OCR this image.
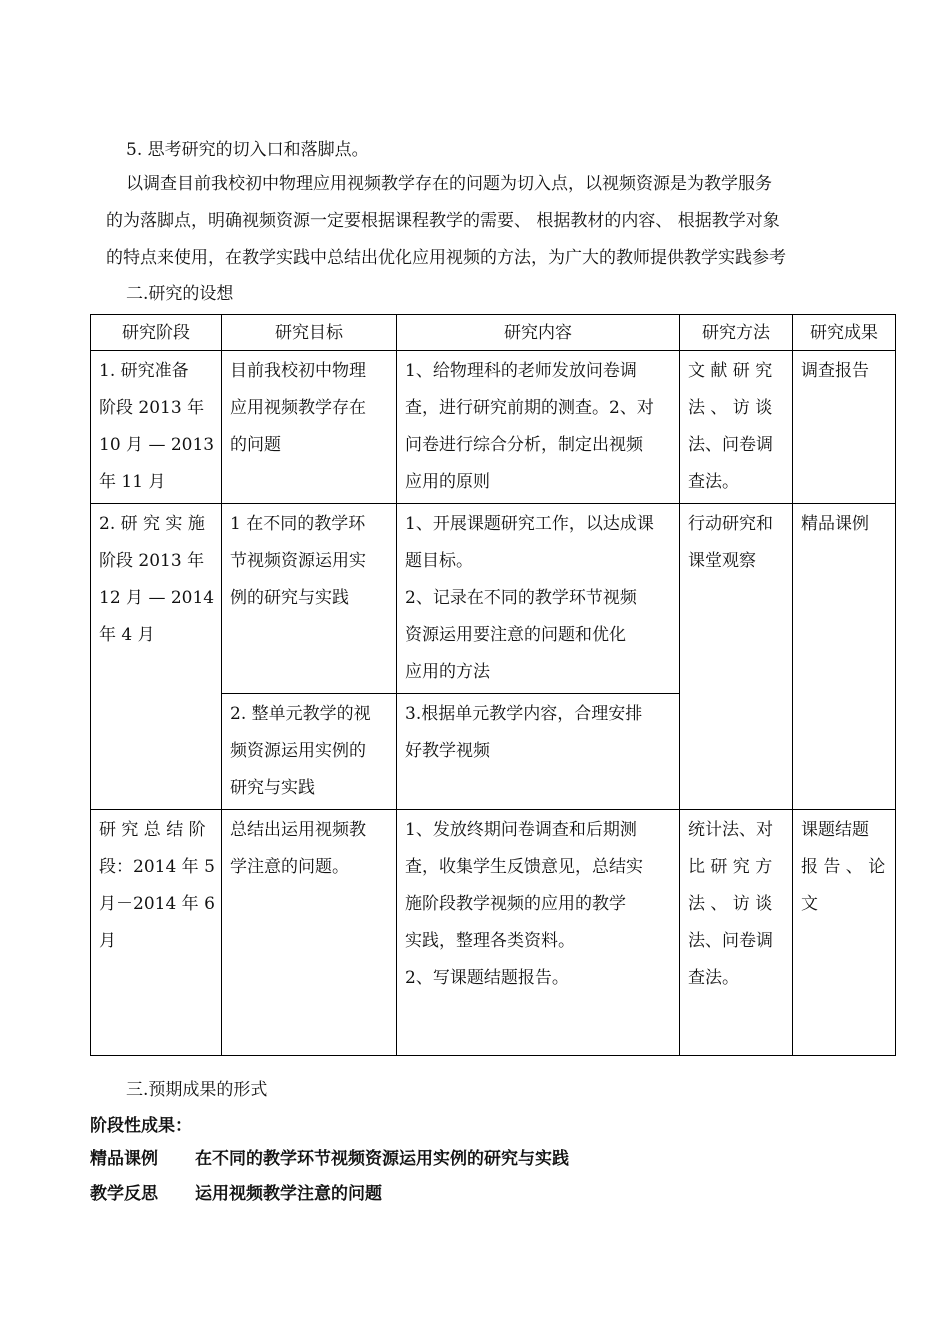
5. 思考研究的切入口和落脚点。
以调查目前我校初中物理应用视频教学存在的问题为切入点，以视频资源是为教学服务
的为落脚点，明确视频资源一定要根据课程教学的需要、 根据教材的内容、 根据教学对象
的特点来使用，在教学实践中总结出优化应用视频的方法，为广大的教师提供教学实践参考
二.研究的设想
研究阶段	研究目标	研究内容	研究方法	研究成果

1. 研究准备
阶段 2013 年
10 月 — 2013
年 11 月	目前我校初中物理
应用视频教学存在
的问题	1、给物理科的老师发放问卷调
查，进行研究前期的测查。2、对
问卷进行综合分析，制定出视频
应用的原则	文 献 研 究
法 、 访 谈
法、问卷调
查法。	调查报告

2. 研 究 实 施
阶段 2013 年
12 月 — 2014
年 4 月	1 在不同的教学环
节视频资源运用实
例的研究与实践	1、开展课题研究工作，以达成课
题目标。
2、记录在不同的教学环节视频
资源运用要注意的问题和优化
应用的方法	行动研究和
课堂观察	精品课例

	2. 整单元教学的视
频资源运用实例的
研究与实践	3.根据单元教学内容，合理安排
好教学视频		

研 究 总 结 阶
段：2014 年 5
月－2014 年 6
月	总结出运用视频教
学注意的问题。	1、发放终期问卷调查和后期测
查，收集学生反馈意见，总结实
施阶段教学视频的应用的教学
实践，整理各类资料。
2、写课题结题报告。	统计法、对
比 研 究 方
法 、 访 谈
法、问卷调
查法。	课题结题
报 告 、 论
文
三.预期成果的形式
阶段性成果：
精品课例 在不同的教学环节视频资源运用实例的研究与实践
教学反思 运用视频教学注意的问题
